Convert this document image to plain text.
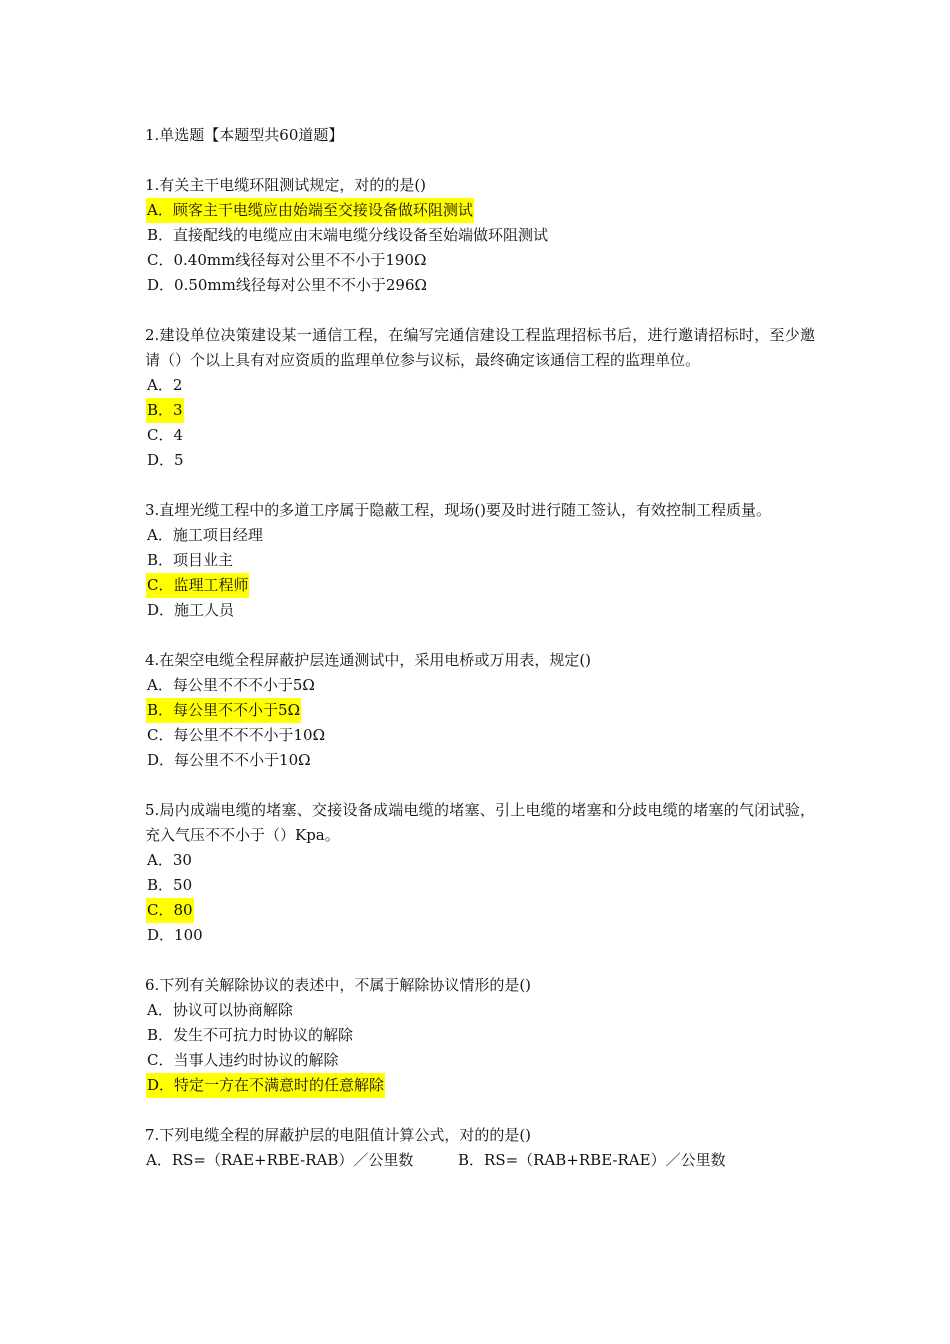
1.单选题【本题型共60道题】

1.有关主干电缆环阻测试规定，对的的是()

A．顾客主干电缆应由始端至交接设备做环阻测试
B．直接配线的电缆应由末端电缆分线设备至始端做环阻测试
C．0.40mm线径每对公里不不小于190Ω
D．0.50mm线径每对公里不不小于296Ω

2.建设单位决策建设某一通信工程，在编写完通信建设工程监理招标书后，进行邀请招标时，至少邀请（）个以上具有对应资质的监理单位参与议标，最终确定该通信工程的监理单位。

A．2
B．3
C．4
D．5

3.直埋光缆工程中的多道工序属于隐蔽工程，现场()要及时进行随工签认，有效控制工程质量。

A．施工项目经理
B．项目业主
C．监理工程师
D．施工人员

4.在架空电缆全程屏蔽护层连通测试中，采用电桥或万用表，规定()

A．每公里不不不小于5Ω
B．每公里不不小于5Ω
C．每公里不不不小于10Ω
D．每公里不不小于10Ω

5.局内成端电缆的堵塞、交接设备成端电缆的堵塞、引上电缆的堵塞和分歧电缆的堵塞的气闭试验，充入气压不不小于（）Kpa。

A．30
B．50
C．80
D．100

6.下列有关解除协议的表述中，不属于解除协议情形的是()

A．协议可以协商解除
B．发生不可抗力时协议的解除
C．当事人违约时协议的解除
D．特定一方在不满意时的任意解除

7.下列电缆全程的屏蔽护层的电阻值计算公式，对的的是()

A．RS=（RAE+RBE-RAB）／公里数	B．RS=（RAB+RBE-RAE）／公里数
